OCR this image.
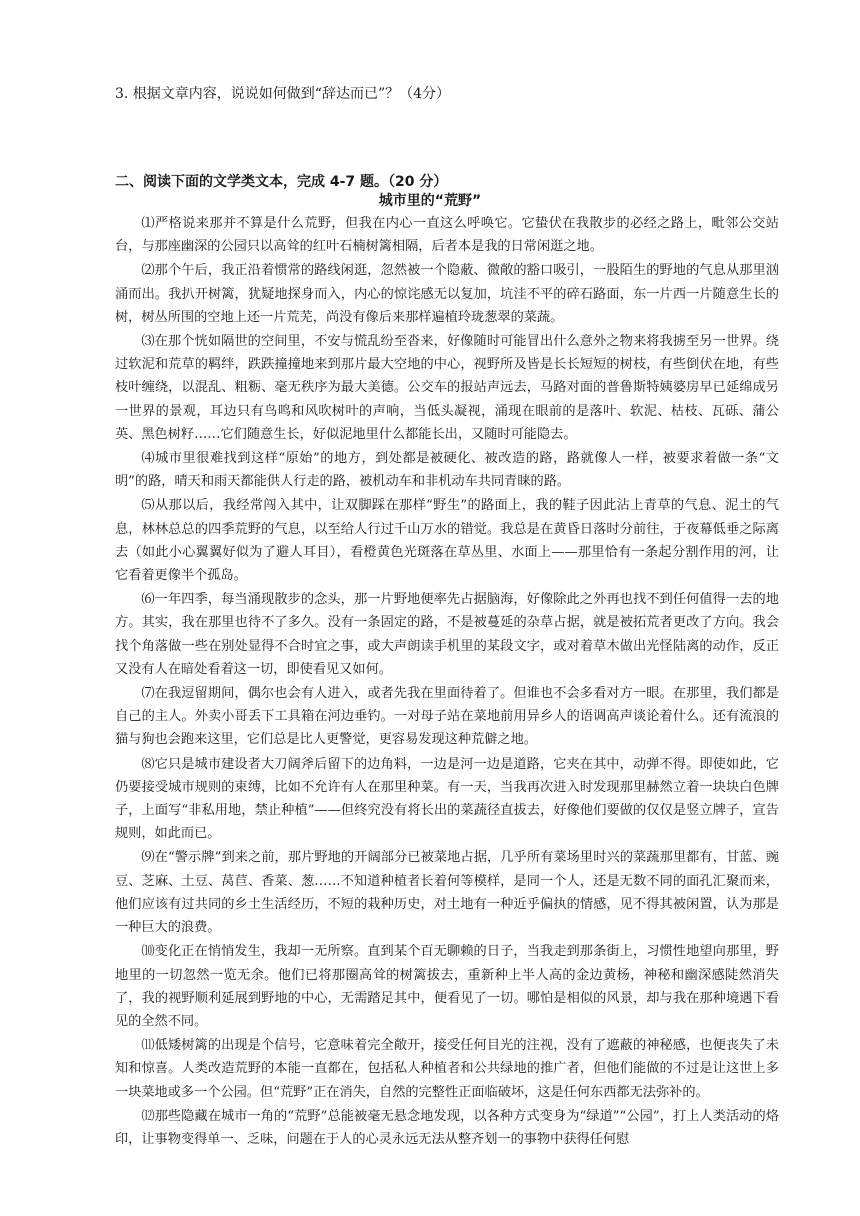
3. 根据文章内容，说说如何做到“辞达而已”？（4分）
二、阅读下面的文学类文本，完成 4-7 题。（20 分）
城市里的“荒野”

⑴严格说来那并不算是什么荒野，但我在内心一直这么呼唤它。它蛰伏在我散步的必经之路上，毗邻公交站台，与那座幽深的公园只以高耸的红叶石楠树篱相隔，后者本是我的日常闲逛之地。

⑵那个午后，我正沿着惯常的路线闲逛，忽然被一个隐蔽、微敞的豁口吸引，一股陌生的野地的气息从那里汹涌而出。我扒开树篱，犹疑地探身而入，内心的惊诧感无以复加，坑洼不平的碎石路面，东一片西一片随意生长的树，树丛所围的空地上还一片荒芜，尚没有像后来那样遍植玲珑葱翠的菜蔬。

⑶在那个恍如隔世的空间里，不安与慌乱纷至沓来，好像随时可能冒出什么意外之物来将我掳至另一世界。绕过软泥和荒草的羁绊，跌跌撞撞地来到那片最大空地的中心，视野所及皆是长长短短的树枝，有些倒伏在地，有些枝叶缠绕，以混乱、粗粝、毫无秩序为最大美德。公交车的报站声远去，马路对面的普鲁斯特姨婆房早已延绵成另一世界的景观，耳边只有鸟鸣和风吹树叶的声响，当低头凝视，涌现在眼前的是落叶、软泥、枯枝、瓦砾、蒲公英、黑色树籽……它们随意生长，好似泥地里什么都能长出，又随时可能隐去。

⑷城市里很难找到这样“原始”的地方，到处都是被硬化、被改造的路，路就像人一样，被要求着做一条“文明”的路，晴天和雨天都能供人行走的路，被机动车和非机动车共同青睐的路。

⑸从那以后，我经常闯入其中，让双脚踩在那样“野生”的路面上，我的鞋子因此沾上青草的气息、泥土的气息，林林总总的四季荒野的气息，以至给人行过千山万水的错觉。我总是在黄昏日落时分前往，于夜幕低垂之际离去（如此小心翼翼好似为了避人耳目），看橙黄色光斑落在草丛里、水面上——那里恰有一条起分割作用的河，让它看着更像半个孤岛。

⑹一年四季，每当涌现散步的念头，那一片野地便率先占据脑海，好像除此之外再也找不到任何值得一去的地方。其实，我在那里也待不了多久。没有一条固定的路，不是被蔓延的杂草占据，就是被拓荒者更改了方向。我会找个角落做一些在别处显得不合时宜之事，或大声朗读手机里的某段文字，或对着草木做出光怪陆离的动作，反正又没有人在暗处看着这一切，即使看见又如何。

⑺在我逗留期间，偶尔也会有人进入，或者先我在里面待着了。但谁也不会多看对方一眼。在那里，我们都是自己的主人。外卖小哥丢下工具箱在河边垂钓。一对母子站在菜地前用异乡人的语调高声谈论着什么。还有流浪的猫与狗也会跑来这里，它们总是比人更警觉，更容易发现这种荒僻之地。

⑻它只是城市建设者大刀阔斧后留下的边角料，一边是河一边是道路，它夹在其中，动弹不得。即使如此，它仍要接受城市规则的束缚，比如不允许有人在那里种菜。有一天，当我再次进入时发现那里赫然立着一块块白色牌子，上面写“非私用地，禁止种植”——但终究没有将长出的菜蔬径直拔去，好像他们要做的仅仅是竖立牌子，宣告规则，如此而已。

⑼在“警示牌”到来之前，那片野地的开阔部分已被菜地占据，几乎所有菜场里时兴的菜蔬那里都有，甘蓝、豌豆、芝麻、土豆、莴苣、香菜、葱……不知道种植者长着何等模样，是同一个人，还是无数不同的面孔汇聚而来，他们应该有过共同的乡土生活经历，不短的栽种历史，对土地有一种近乎偏执的情感，见不得其被闲置，认为那是一种巨大的浪费。

⑽变化正在悄悄发生，我却一无所察。直到某个百无聊赖的日子，当我走到那条街上，习惯性地望向那里，野地里的一切忽然一览无余。他们已将那圈高耸的树篱拔去，重新种上半人高的金边黄杨，神秘和幽深感陡然消失了，我的视野顺利延展到野地的中心，无需踏足其中，便看见了一切。哪怕是相似的风景，却与我在那种境遇下看见的全然不同。

⑾低矮树篱的出现是个信号，它意味着完全敞开，接受任何目光的注视，没有了遮蔽的神秘感，也便丧失了未知和惊喜。人类改造荒野的本能一直都在，包括私人种植者和公共绿地的推广者，但他们能做的不过是让这世上多一块菜地或多一个公园。但“荒野”正在消失，自然的完整性正面临破坏，这是任何东西都无法弥补的。

⑿那些隐藏在城市一角的“荒野”总能被毫无悬念地发现，以各种方式变身为“绿道”“公园”，打上人类活动的烙印，让事物变得单一、乏味，问题在于人的心灵永远无法从整齐划一的事物中获得任何慰
